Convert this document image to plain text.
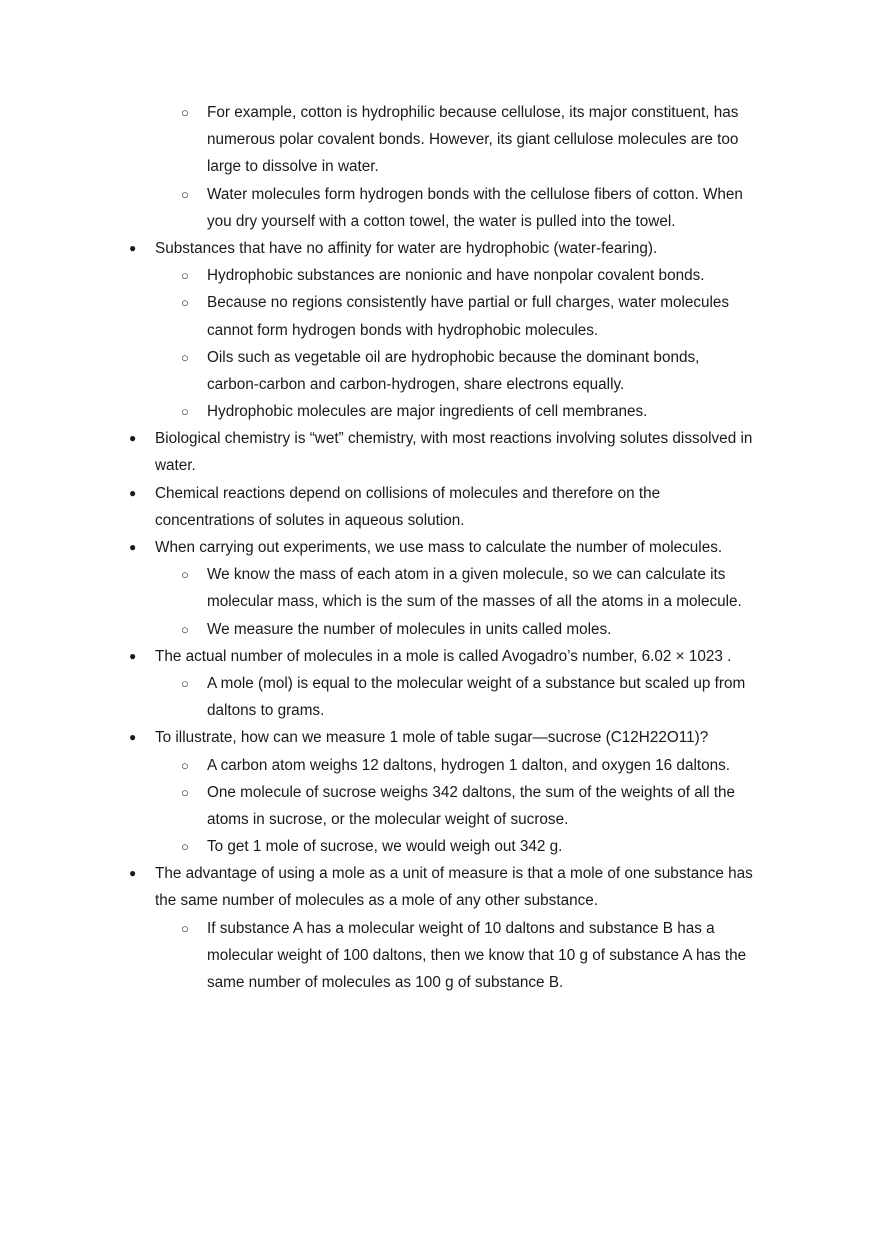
○ For example, cotton is hydrophilic because cellulose, its major constituent, has
numerous polar covalent bonds. However, its giant cellulose molecules are too
large to dissolve in water.
○ Water molecules form hydrogen bonds with the cellulose fibers of cotton. When
you dry yourself with a cotton towel, the water is pulled into the towel.
● Substances that have no affinity for water are hydrophobic (water-fearing).
○ Hydrophobic substances are nonionic and have nonpolar covalent bonds.
○ Because no regions consistently have partial or full charges, water molecules
cannot form hydrogen bonds with hydrophobic molecules.
○ Oils such as vegetable oil are hydrophobic because the dominant bonds,
carbon-carbon and carbon-hydrogen, share electrons equally.
○ Hydrophobic molecules are major ingredients of cell membranes.
● Biological chemistry is “wet” chemistry, with most reactions involving solutes dissolved in
water.
● Chemical reactions depend on collisions of molecules and therefore on the
concentrations of solutes in aqueous solution.
● When carrying out experiments, we use mass to calculate the number of molecules.
○ We know the mass of each atom in a given molecule, so we can calculate its
molecular mass, which is the sum of the masses of all the atoms in a molecule.
○ We measure the number of molecules in units called moles.
● The actual number of molecules in a mole is called Avogadro’s number, 6.02 × 1023 .
○ A mole (mol) is equal to the molecular weight of a substance but scaled up from
daltons to grams.
● To illustrate, how can we measure 1 mole of table sugar—sucrose (C12H22O11)?
○ A carbon atom weighs 12 daltons, hydrogen 1 dalton, and oxygen 16 daltons.
○ One molecule of sucrose weighs 342 daltons, the sum of the weights of all the
atoms in sucrose, or the molecular weight of sucrose.
○ To get 1 mole of sucrose, we would weigh out 342 g.
● The advantage of using a mole as a unit of measure is that a mole of one substance has
the same number of molecules as a mole of any other substance.
○ If substance A has a molecular weight of 10 daltons and substance B has a
molecular weight of 100 daltons, then we know that 10 g of substance A has the
same number of molecules as 100 g of substance B.
